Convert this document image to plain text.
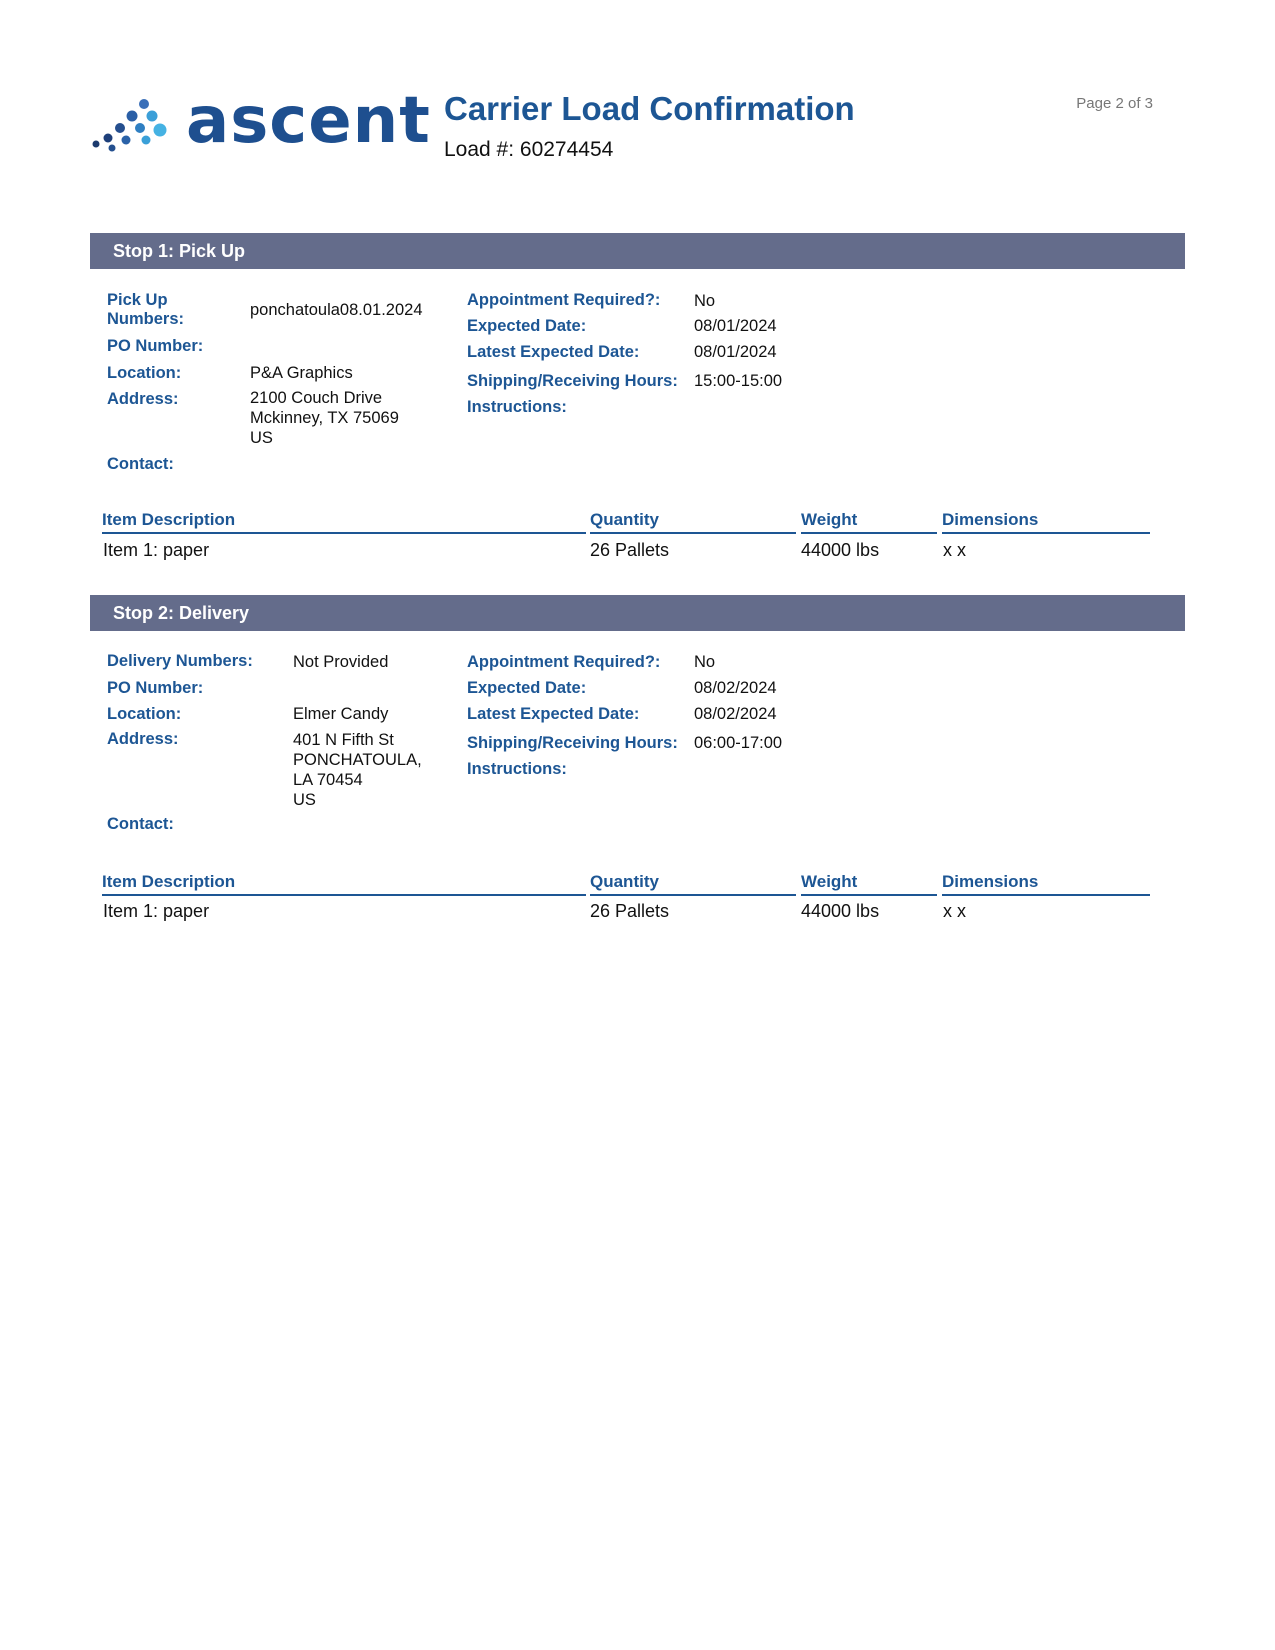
ascent Carrier Load Confirmation
Load #: 60274454
Page 2 of 3
Stop 1: Pick Up
Pick Up
Numbers:	ponchatoula08.01.2024
PO Number:
Location:	P&A Graphics
Address:	2100 Couch Drive
Mckinney, TX 75069
US
Contact:
Appointment Required?: No
Expected Date:	08/01/2024
Latest Expected Date:	08/01/2024
Shipping/Receiving Hours: 15:00-15:00
Instructions:
Item Description	Quantity	Weight	Dimensions
Item 1: paper	26 Pallets	44000 lbs	x x
Stop 2: Delivery
Delivery Numbers: Not Provided
PO Number:
Location:	Elmer Candy
Address:	401 N Fifth St
PONCHATOULA,
LA 70454
US
Contact:
Appointment Required?: No
Expected Date:	08/02/2024
Latest Expected Date:	08/02/2024
Shipping/Receiving Hours: 06:00-17:00
Instructions:
Item Description	Quantity	Weight	Dimensions
Item 1: paper	26 Pallets	44000 lbs	x x
